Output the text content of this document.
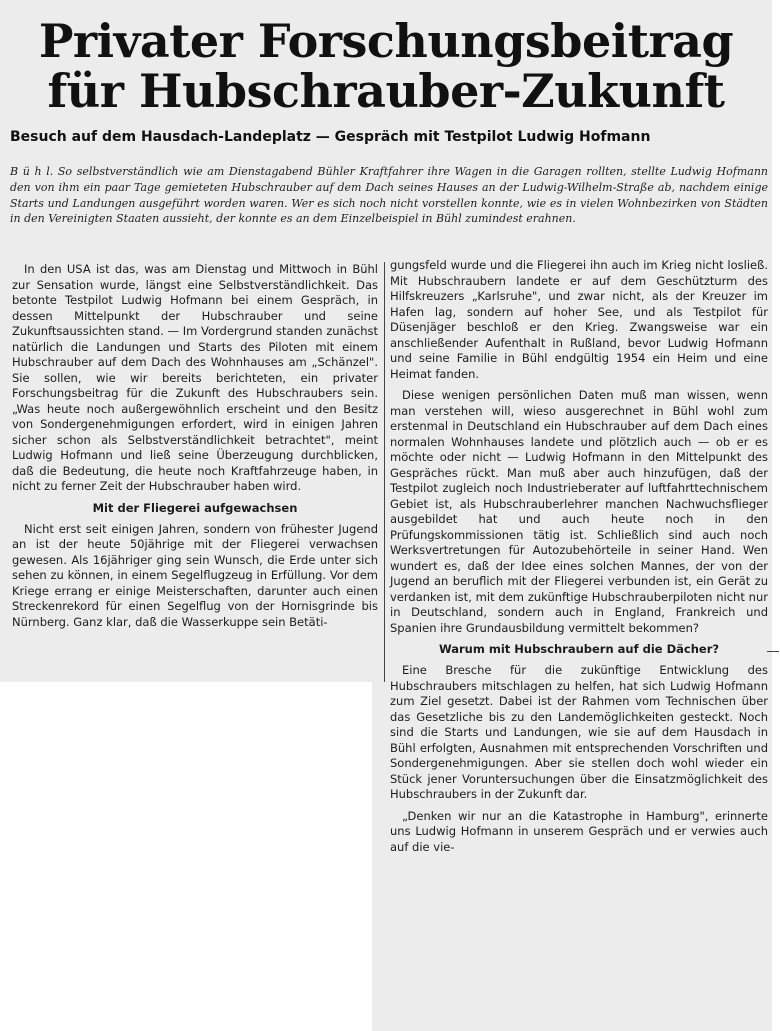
Privater Forschungsbeitrag
für Hubschrauber-Zukunft
Besuch auf dem Hausdach-Landeplatz — Gespräch mit Testpilot Ludwig Hofmann
B ü h l. So selbstverständlich wie am Dienstagabend Bühler Kraftfahrer ihre Wagen in die Garagen rollten, stellte Ludwig Hofmann den von ihm ein paar Tage gemieteten Hubschrauber auf dem Dach seines Hauses an der Ludwig-Wilhelm-Straße ab, nachdem einige Starts und Landungen ausgeführt worden waren. Wer es sich noch nicht vorstellen konnte, wie es in vielen Wohnbezirken von Städten in den Vereinigten Staaten aussieht, der konnte es an dem Einzelbeispiel in Bühl zumindest erahnen.

In den USA ist das, was am Dienstag und Mittwoch in Bühl zur Sensation wurde, längst eine Selbstverständlichkeit. Das betonte Testpilot Ludwig Hofmann bei einem Gespräch, in dessen Mittelpunkt der Hubschrauber und seine Zukunftsaussichten stand. — Im Vordergrund standen zunächst natürlich die Landungen und Starts des Piloten mit einem Hubschrauber auf dem Dach des Wohnhauses am „Schänzel". Sie sollen, wie wir bereits berichteten, ein privater Forschungsbeitrag für die Zukunft des Hubschraubers sein. „Was heute noch außergewöhnlich erscheint und den Besitz von Sondergenehmigungen erfordert, wird in einigen Jahren sicher schon als Selbstverständlichkeit betrachtet", meint Ludwig Hofmann und ließ seine Überzeugung durchblicken, daß die Bedeutung, die heute noch Kraftfahrzeuge haben, in nicht zu ferner Zeit der Hubschrauber haben wird.

Mit der Fliegerei aufgewachsen

Nicht erst seit einigen Jahren, sondern von frühester Jugend an ist der heute 50jährige mit der Fliegerei verwachsen gewesen. Als 16jähriger ging sein Wunsch, die Erde unter sich sehen zu können, in einem Segelflugzeug in Erfüllung. Vor dem Kriege errang er einige Meisterschaften, darunter auch einen Streckenrekord für einen Segelflug von der Hornisgrinde bis Nürnberg. Ganz klar, daß die Wasserkuppe sein Betäti-

gungsfeld wurde und die Fliegerei ihn auch im Krieg nicht losließ. Mit Hubschraubern landete er auf dem Geschützturm des Hilfskreuzers „Karlsruhe", und zwar nicht, als der Kreuzer im Hafen lag, sondern auf hoher See, und als Testpilot für Düsenjäger beschloß er den Krieg. Zwangsweise war ein anschließender Aufenthalt in Rußland, bevor Ludwig Hofmann und seine Familie in Bühl endgültig 1954 ein Heim und eine Heimat fanden.

Diese wenigen persönlichen Daten muß man wissen, wenn man verstehen will, wieso ausgerechnet in Bühl wohl zum erstenmal in Deutschland ein Hubschrauber auf dem Dach eines normalen Wohnhauses landete und plötzlich auch — ob er es möchte oder nicht — Ludwig Hofmann in den Mittelpunkt des Gespräches rückt. Man muß aber auch hinzufügen, daß der Testpilot zugleich noch Industrieberater auf luftfahrttechnischem Gebiet ist, als Hubschrauberlehrer manchen Nachwuchsflieger ausgebildet hat und auch heute noch in den Prüfungskommissionen tätig ist. Schließlich sind auch noch Werksvertretungen für Autozubehörteile in seiner Hand. Wen wundert es, daß der Idee eines solchen Mannes, der von der Jugend an beruflich mit der Fliegerei verbunden ist, ein Gerät zu verdanken ist, mit dem zukünftige Hubschrauberpiloten nicht nur in Deutschland, sondern auch in England, Frankreich und Spanien ihre Grundausbildung vermittelt bekommen?

Warum mit Hubschraubern auf die Dächer?

Eine Bresche für die zukünftige Entwicklung des Hubschraubers mitschlagen zu helfen, hat sich Ludwig Hofmann zum Ziel gesetzt. Dabei ist der Rahmen vom Technischen über das Gesetzliche bis zu den Landemöglichkeiten gesteckt. Noch sind die Starts und Landungen, wie sie auf dem Hausdach in Bühl erfolgten, Ausnahmen mit entsprechenden Vorschriften und Sondergenehmigungen. Aber sie stellen doch wohl wieder ein Stück jener Voruntersuchungen über die Einsatzmöglichkeit des Hubschraubers in der Zukunft dar.

„Denken wir nur an die Katastrophe in Hamburg", erinnerte uns Ludwig Hofmann in unserem Gespräch und er verwies auch auf die vie-
